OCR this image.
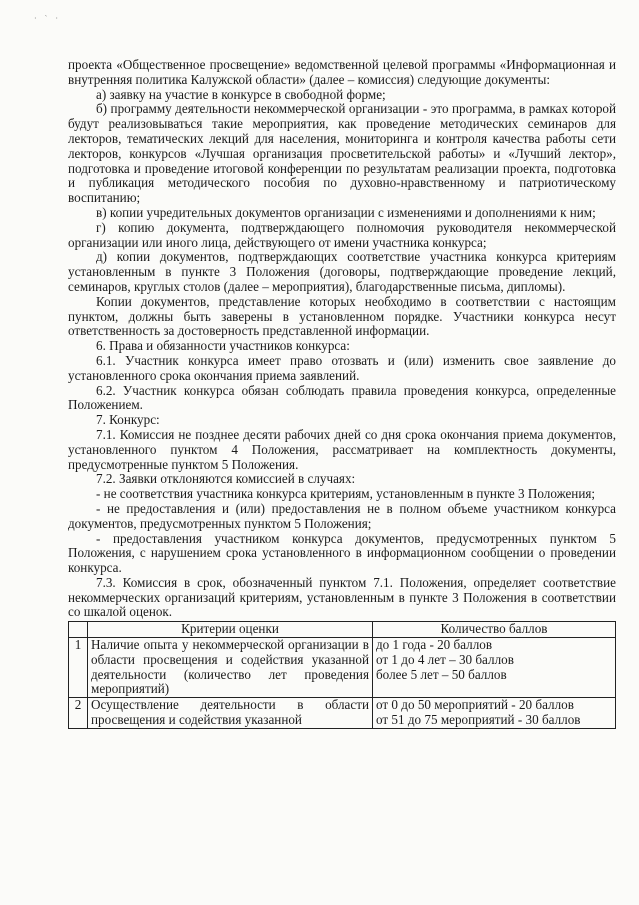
· ` ·

проекта «Общественное просвещение» ведомственной целевой программы «Информационная и внутренняя политика Калужской области» (далее – комиссия) следующие документы:

а) заявку на участие в конкурсе в свободной форме;

б) программу деятельности некоммерческой организации - это программа, в рамках которой будут реализовываться такие мероприятия, как проведение методических семинаров для лекторов, тематических лекций для населения, мониторинга и контроля качества работы сети лекторов, конкурсов «Лучшая организация просветительской работы» и «Лучший лектор», подготовка и проведение итоговой конференции по результатам реализации проекта, подготовка и публикация методического пособия по духовно-нравственному и патриотическому воспитанию;

в) копии учредительных документов организации с изменениями и дополнениями к ним;

г) копию документа, подтверждающего полномочия руководителя некоммерческой организации или иного лица, действующего от имени участника конкурса;

д) копии документов, подтверждающих соответствие участника конкурса критериям установленным в пункте 3 Положения (договоры, подтверждающие проведение лекций, семинаров, круглых столов (далее – мероприятия), благодарственные письма, дипломы).

Копии документов, представление которых необходимо в соответствии с настоящим пунктом, должны быть заверены в установленном порядке. Участники конкурса несут ответственность за достоверность представленной информации.

6. Права и обязанности участников конкурса:

6.1. Участник конкурса имеет право отозвать и (или) изменить свое заявление до установленного срока окончания приема заявлений.

6.2. Участник конкурса обязан соблюдать правила проведения конкурса, определенные Положением.

7. Конкурс:

7.1. Комиссия не позднее десяти рабочих дней со дня срока окончания приема документов, установленного пунктом 4 Положения, рассматривает на комплектность документы, предусмотренные пунктом 5 Положения.

7.2. Заявки отклоняются комиссией в случаях:

- не соответствия участника конкурса критериям, установленным в пункте 3 Положения;

- не предоставления и (или) предоставления не в полном объеме участником конкурса документов, предусмотренных пунктом 5 Положения;

- предоставления участником конкурса документов, предусмотренных пунктом 5 Положения, с нарушением срока установленного в информационном сообщении о проведении конкурса.

7.3. Комиссия в срок, обозначенный пунктом 7.1. Положения, определяет соответствие некоммерческих организаций критериям, установленным в пункте 3 Положения в соответствии со шкалой оценок.

	Критерии оценки	Количество баллов
1	Наличие опыта у некоммерческой организации в области просвещения и содействия указанной деятельности (количество лет проведения мероприятий)	до 1 года - 20 баллов
от 1 до 4 лет – 30 баллов
более 5 лет – 50 баллов

2	Осуществление деятельности в области просвещения и содействия указанной	от 0 до 50 мероприятий - 20 баллов
от 51 до 75 мероприятий - 30 баллов
